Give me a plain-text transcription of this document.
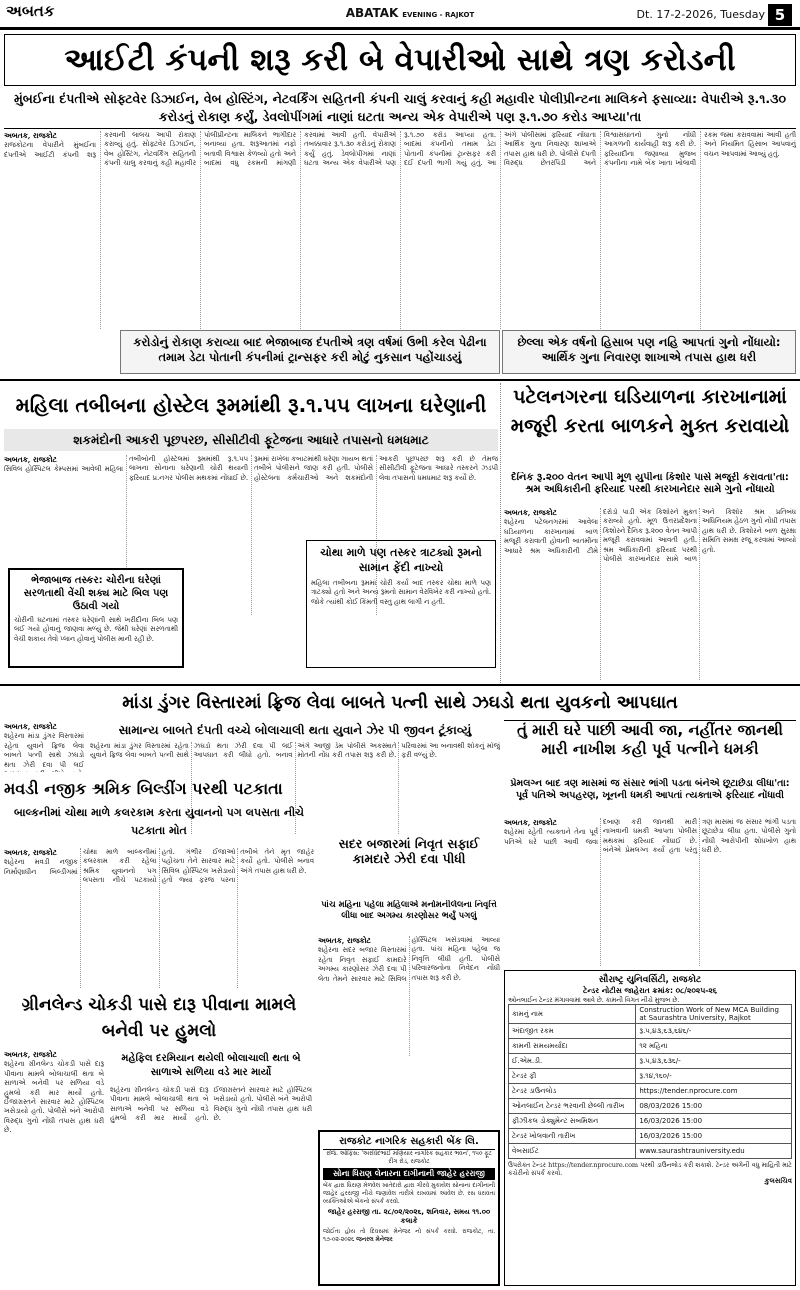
અબતક	ABATAK EVENING - RAJKOT	Dt. 17-2-2026, Tuesday 5
આઈટી કંપની શરૂ કરી બે વેપારીઓ સાથે ત્રણ કરોડની
મુંબઈના દંપતીએ સોફ્ટવેર ડિઝાઈન, વેબ હોસ્ટિંગ, નેટવર્કિંગ સહિતની કંપની ચાલું કરવાનું કહી મહાવીર પોલીપ્રીન્ટના માલિકને ફસાવ્યા: વેપારીએ રૂ.૧.૩૦ કરોડનું રોકાણ કર્યું, ડેવલોપીંગમાં નાણાં ઘટતા અન્ય એક વેપારીએ પણ રૂ.૧.૭૦ કરોડ આપ્યા'તા
અબતક, રાજકોટ
રાજકોટના વેપારીને મુંબઈના દંપતીએ આઈટી કંપની શરૂ કરવાની લાલચ આપી રોકાણ કરાવ્યું હતું. સોફ્ટવેર ડિઝાઈન, વેબ હોસ્ટિંગ, નેટવર્કિંગ સહિતની કંપની ચાલુ કરવાનું કહી મહાવીર પોલીપ્રીન્ટના માલિકને ભાગીદાર બનાવ્યા હતા. શરૂઆતમાં નફો બતાવી વિશ્વાસ કેળવ્યો હતો અને બાદમાં વધુ રકમની માંગણી કરવામાં આવી હતી. વેપારીએ તબક્કાવાર રૂ.૧.૩૦ કરોડનું રોકાણ કર્યું હતું. ડેવલોપીંગમાં નાણાં ઘટતા અન્ય એક વેપારીએ પણ રૂ.૧.૭૦ કરોડ આપ્યા હતા. બાદમાં કંપનીનો તમામ ડેટા પોતાની કંપનીમાં ટ્રાન્સફર કરી દઈ દંપતી ભાગી ગયું હતું. આ અંગે પોલીસમાં ફરિયાદ નોંધાતા આર્થિક ગુના નિવારણ શાખાએ તપાસ હાથ ધરી છે. પોલીસે દંપતી વિરુદ્ધ છેતરપિંડી અને વિશ્વાસઘાતનો ગુનો નોંધી આગળની કાર્યવાહી શરૂ કરી છે. ફરિયાદીના જણાવ્યા મુજબ કંપનીના નામે બેંક ખાતા ખોલાવી રકમ જમા કરાવવામાં આવી હતી અને નિયમિત હિસાબ આપવાનું વચન આપવામાં આવ્યું હતું.
કરોડોનું રોકાણ કરાવ્યા બાદ ભેજાબાજ દંપતીએ ત્રણ વર્ષમાં ઉભી કરેલ પેઢીના તમામ ડેટા પોતાની કંપનીમાં ટ્રાન્સફર કરી મોટું નુકસાન પહોંચાડયું
છેલ્લા એક વર્ષનો હિસાબ પણ નહિ આપતાં ગુનો નોંધાયો: આર્થિક ગુના નિવારણ શાખાએ તપાસ હાથ ધરી
મહિલા તબીબના હોસ્ટેલ રૂમમાંથી રૂ.૧.૫૫ લાખના ઘરેણાની
શકમંદોની આકરી પૂછપરછ, સીસીટીવી ફૂટેજના આધારે તપાસનો ધમધમાટ
અબતક, રાજકોટ
સિવિલ હોસ્પિટલ કેમ્પસમાં આવેલી મહિલા તબીબોની હોસ્ટેલમાં રૂમમાંથી રૂ.૧.૫૫ લાખના સોનાના ઘરેણાની ચોરી થયાની ફરિયાદ પ્ર.નગર પોલીસ મથકમાં નોંધાઈ છે. રૂમમાં રાખેલા કબાટમાંથી ઘરેણા ગાયબ થતાં તબીબે પોલીસને જાણ કરી હતી. પોલીસે હોસ્ટેલના કર્મચારીઓ અને શકમંદોની આકરી પૂછપરછ શરૂ કરી છે તેમજ સીસીટીવી ફૂટેજના આધારે તસ્કરને ઝડપી લેવા તપાસનો ધમધમાટ શરૂ કર્યો છે.
ભેજાબાજ તસ્કર: ચોરીના ઘરેણાં સરળતાથી વેંચી શક્ય માટે બિલ પણ ઉઠાવી ગયો
ચોરીની ઘટનામાં તસ્કર ઘરેણાંની સાથે ખરીદીના બિલ પણ લઈ ગયો હોવાનું જાણવા મળ્યું છે. જેથી ઘરેણાં સરળતાથી વેચી શકાય તેવો પ્લાન હોવાનું પોલીસ માની રહી છે.
ચોથા માળે પણ તસ્કર ત્રાટક્યો રૂમનો સામાન ફેંદી નાખ્યો
મહિલા તબીબના રૂમમાં ચોરી કર્યા બાદ તસ્કર ચોથા માળે પણ ત્રાટક્યો હતો અને અન્ય રૂમનો સામાન વેરવિખેર કરી નાખ્યો હતો. જોકે ત્યાંથી કોઈ કિંમતી વસ્તુ હાથ લાગી ન હતી.
પટેલનગરના ઘડિયાળના કારખાનામાં મજૂરી કરતા બાળકને મુક્ત કરાવાયો
દૈનિક રૂ.૨૦૦ વેતન આપી મૂળ યુપીના કિશોર પાસે મજૂરી કરાવતા'તા: શ્રમ અધિકારીની ફરિયાદ પરથી કારખાનેદાર સામે ગુનો નોંધાયો
અબતક, રાજકોટ
શહેરના પટેલનગરમાં આવેલા ઘડિયાળના કારખાનામાં બાળ મજૂરી કરાવાતી હોવાની બાતમીના આધારે શ્રમ અધિકારીની ટીમે દરોડો પાડી એક કિશોરને મુક્ત કરાવ્યો હતો. મૂળ ઉત્તરપ્રદેશના કિશોરને દૈનિક રૂ.૨૦૦ વેતન આપી મજૂરી કરાવવામાં આવતી હતી. શ્રમ અધિકારીની ફરિયાદ પરથી પોલીસે કારખાનેદાર સામે બાળ અને કિશોર શ્રમ પ્રતિબંધ અધિનિયમ હેઠળ ગુનો નોંધી તપાસ હાથ ધરી છે. કિશોરને બાળ સુરક્ષા સમિતિ સમક્ષ રજૂ કરવામાં આવ્યો હતો.
માંડા ડુંગર વિસ્તારમાં ફ્રિજ લેવા બાબતે પત્ની સાથે ઝઘડો થતા યુવકનો આપઘાત
અબતક, રાજકોટ
શહેરના માંડા ડુંગર વિસ્તારમાં રહેતા યુવાને ફ્રિજ લેવા બાબતે પત્ની સાથે ઝઘડો થતા ઝેરી દવા પી લઈ
સામાન્ય બાબતે દંપતી વચ્ચે બોલાચાલી થતા યુવાને ઝેર પી જીવન ટૂંકાવ્યું
શહેરના માંડા ડુંગર વિસ્તારમાં રહેતા યુવાને ફ્રિજ લેવા બાબતે પત્ની સાથે ઝઘડો થતા ઝેરી દવા પી લઈ આપઘાત કરી લીધો હતો. બનાવ અંગે આજી ડેમ પોલીસે અકસ્માતે મોતની નોંધ કરી તપાસ શરૂ કરી છે. પરિવારમાં આ બનાવથી શોકનું મોજું ફરી વળ્યું છે.
તું મારી ઘરે પાછી આવી જા, નહીંતર જાનથી મારી નાખીશ કહી પૂર્વ પત્નીને ધમકી
પ્રેમલગ્ન બાદ ત્રણ માસમાં જ સંસાર ભાંગી પડતા બંનેએ છૂટાછેડા લીધા'તા: પૂર્વ પતિએ અપહરણ, ખૂનની ધમકી આપતાં ત્યક્તાએ ફરિયાદ નોંધાવી
અબતક, રાજકોટ
શહેરમાં રહેતી ત્યક્તાને તેના પૂર્વ પતિએ ઘરે પાછી આવી જવા દબાણ કરી જાનથી મારી નાખવાની ધમકી આપતા પોલીસ મથકમાં ફરિયાદ નોંધાઈ છે. બંનેએ પ્રેમલગ્ન કર્યા હતા પરંતુ ત્રણ માસમાં જ સંસાર ભાંગી પડતા છૂટાછેડા લીધા હતા. પોલીસે ગુનો નોંધી આરોપીની શોધખોળ હાથ ધરી છે.
મવડી નજીક શ્રમિક બિલ્ડીંગ પરથી પટકાતા
બાલ્કનીમાં ચોથા માળે કલરકામ કરતા યુવાનનો પગ લપસતા નીચે પટકાતા મોત
અબતક, રાજકોટ
શહેરના મવડી નજીક નિર્માણાધીન બિલ્ડીંગમાં ચોથા માળે બાલ્કનીમાં કલરકામ કરી રહેલા શ્રમિક યુવાનનો પગ લપસતા નીચે પટકાયો હતો. ગંભીર ઈજાઓ પહોંચતા તેને સારવાર માટે સિવિલ હોસ્પિટલ ખસેડાયો હતો જ્યાં ફરજ પરના તબીબે તેને મૃત જાહેર કર્યો હતો. પોલીસે બનાવ અંગે તપાસ હાથ ધરી છે.
સદર બજારમાં નિવૃત સફાઈ કામદારે ઝેરી દવા પીધી
પાંચ મહિના પહેલા મહિલાએ મનોમનીલેલના નિવૃત્તિ લીધા બાદ અગમ્ય કારણોસર ભર્યું પગલું
અબતક, રાજકોટ
શહેરના સદર બજાર વિસ્તારમાં રહેતા નિવૃત સફાઈ કામદારે અગમ્ય કારણોસર ઝેરી દવા પી લેતા તેમને સારવાર માટે સિવિલ હોસ્પિટલ ખસેડવામાં આવ્યા હતા. પાંચ મહિના પહેલા જ નિવૃત્તિ લીધી હતી. પોલીસે પરિવારજનોના નિવેદન નોંધી તપાસ શરૂ કરી છે.
ગ્રીનલેન્ડ ચોકડી પાસે દારૂ પીવાના મામલે બનેવી પર હુમલો
અબતક, રાજકોટ
શહેરના ગ્રીનલેન્ડ ચોકડી પાસે દારૂ પીવાના મામલે બોલાચાલી થતા બે સાળાએ બનેવી પર સળિયા વડે હુમલો કરી માર માર્યો હતો. ઈજાગ્રસ્તને સારવાર માટે હોસ્પિટલ ખસેડાયો હતો. પોલીસે બંને આરોપી વિરુદ્ધ ગુનો નોંધી તપાસ હાથ ધરી છે.
મહેફિલ દરમિયાન થયેલી બોલાચાલી થતા બે સાળાએ સળિયા વડે માર માર્યો
શહેરના ગ્રીનલેન્ડ ચોકડી પાસે દારૂ પીવાના મામલે બોલાચાલી થતા બે સાળાએ બનેવી પર સળિયા વડે હુમલો કરી માર માર્યો હતો. ઈજાગ્રસ્તને સારવાર માટે હોસ્પિટલ ખસેડાયો હતો. પોલીસે બંને આરોપી વિરુદ્ધ ગુનો નોંધી તપાસ હાથ ધરી છે.
રાજકોટ નાગરિક સહકારી બેંક લિ.
રજિ. ઓફિસ: 'અરવિંદભાઈ મણિયાર નાગરિક સહકાર ભવન', ૧૫૦ ફૂટ રીંગ રોડ, રાજકોટ
સોના ધિરાણ લેનારના દાગીનાની જાહેર હરરાજી
બેંક દ્વારા ધિરાણ મેળવેલ ખાતેદારો દ્વારા ગીરવે મુકાયેલ સોનાના દાગીનાની જાહેર હરરાજી નીચે જણાવેલ તારીખે રાખવામાં આવેલ છે. રસ ધરાવતા વ્યક્તિઓએ બેંકનો સંપર્ક કરવો.
જાહેર હરરાજી તા. ૨૮/૦૨/૨૦૨૬, શનિવાર, સમય ૧૧.૦૦ કલાકે
જોઈતા હોય તો દિવસમાં મેનેજર નો સંપર્ક કરવો. રાજકોટ, તા. ૧૭-૦૨-૨૦૨૬ જનરલ મેનેજર
સૌરાષ્ટ્ર યુનિવર્સિટી, રાજકોટ
ટેન્ડર નોટીસ જાહેરાત ક્રમાંક: ૦૮/૨૦૨૫-૨૬
ઓનલાઈન ટેન્ડર મંગાવવામાં આવે છે. કામની વિગત નીચે મુજબ છે.
કામનું નામ	Construction Work of New MCA Building at Saurashtra University, Rajkot
અંદાજીત રકમ	રૂ.૫,૪૩,૬૩,૬૪૬/-
કામની સમયમર્યાદા	૧૨ મહિના
ઈ.એમ.ડી.	રૂ.૫,૪૩,૬૩૬/-
ટેન્ડર ફી	રૂ.૧૪,૧૬૦/-
ટેન્ડર ડાઉનલોડ	https://tender.nprocure.com
ઓનલાઈન ટેન્ડર ભરવાની છેલ્લી તારીખ	08/03/2026 15:00
ફીઝીકલ ડોક્યુમેન્ટ સબમિશન	16/03/2026 15:00
ટેન્ડર ખોલવાની તારીખ	16/03/2026 15:00
વેબસાઈટ	www.saurashtrauniversity.edu
ઉપરોક્ત ટેન્ડર https://tender.nprocure.com પરથી ડાઉનલોડ કરી શકાશે. ટેન્ડર અંગેની વધુ માહિતી માટે કચેરીનો સંપર્ક કરવો.
કુલસચિવ
